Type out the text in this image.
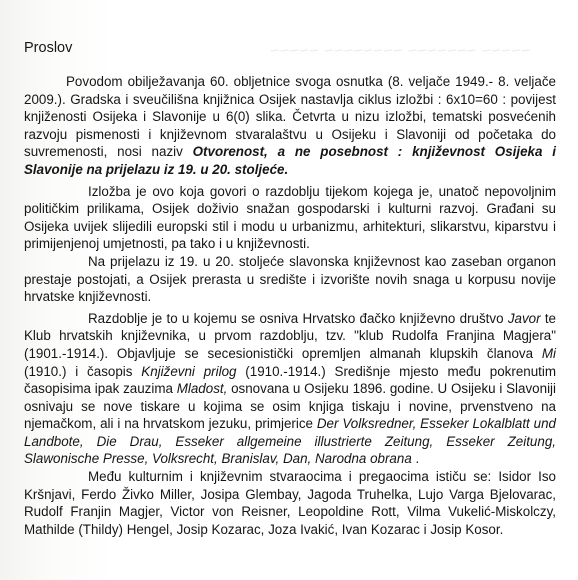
~~~~~ ~~~~~~~~ ~~~~~~~ ~~~~~
Proslov

Povodom obilježavanja 60. obljetnice svoga osnutka (8. veljače 1949.- 8. veljače 2009.). Gradska i sveučilišna knjižnica Osijek nastavlja ciklus izložbi : 6x10=60 : povijest knjiženosti Osijeka i Slavonije u 6(0) slika. Četvrta u nizu izložbi, tematski posvećenih razvoju pismenosti i književnom stvaralaštvu u Osijeku i Slavoniji od početaka do suvremenosti, nosi naziv Otvorenost, a ne posebnost : književnost Osijeka i Slavonije na prijelazu iz 19. u 20. stoljeće.

Izložba je ovo koja govori o razdoblju tijekom kojega je, unatoč nepovoljnim političkim prilikama, Osijek doživio snažan gospodarski i kulturni razvoj. Građani su Osijeka uvijek slijedili europski stil i modu u urbanizmu, arhitekturi, slikarstvu, kiparstvu i primijenjenoj umjetnosti, pa tako i u književnosti.

Na prijelazu iz 19. u 20. stoljeće slavonska književnost kao zaseban organon prestaje postojati, a Osijek prerasta u središte i izvorište novih snaga u korpusu novije hrvatske književnosti.

Razdoblje je to u kojemu se osniva Hrvatsko đačko književno društvo Javor te Klub hrvatskih književnika, u prvom razdoblju, tzv. "klub Rudolfa Franjina Magjera" (1901.-1914.). Objavljuje se secesionistički opremljen almanah klupskih članova Mi (1910.) i časopis Književni prilog (1910.-1914.) Središnje mjesto među pokrenutim časopisima ipak zauzima Mladost, osnovana u Osijeku 1896. godine. U Osijeku i Slavoniji osnivaju se nove tiskare u kojima se osim knjiga tiskaju i novine, prvenstveno na njemačkom, ali i na hrvatskom jezuku, primjerice Der Volksredner, Esseker Lokalblatt und Landbote, Die Drau, Esseker allgemeine illustrierte Zeitung, Esseker Zeitung, Slawonische Presse, Volksrecht, Branislav, Dan, Narodna obrana .

Među kulturnim i književnim stvaraocima i pregaocima ističu se: Isidor Iso Kršnjavi, Ferdo Živko Miller, Josipa Glembay, Jagoda Truhelka, Lujo Varga Bjelovarac, Rudolf Franjin Magjer, Victor von Reisner, Leopoldine Rott, Vilma Vukelić-Miskolczy, Mathilde (Thildy) Hengel, Josip Kozarac, Joza Ivakić, Ivan Kozarac i Josip Kosor.
